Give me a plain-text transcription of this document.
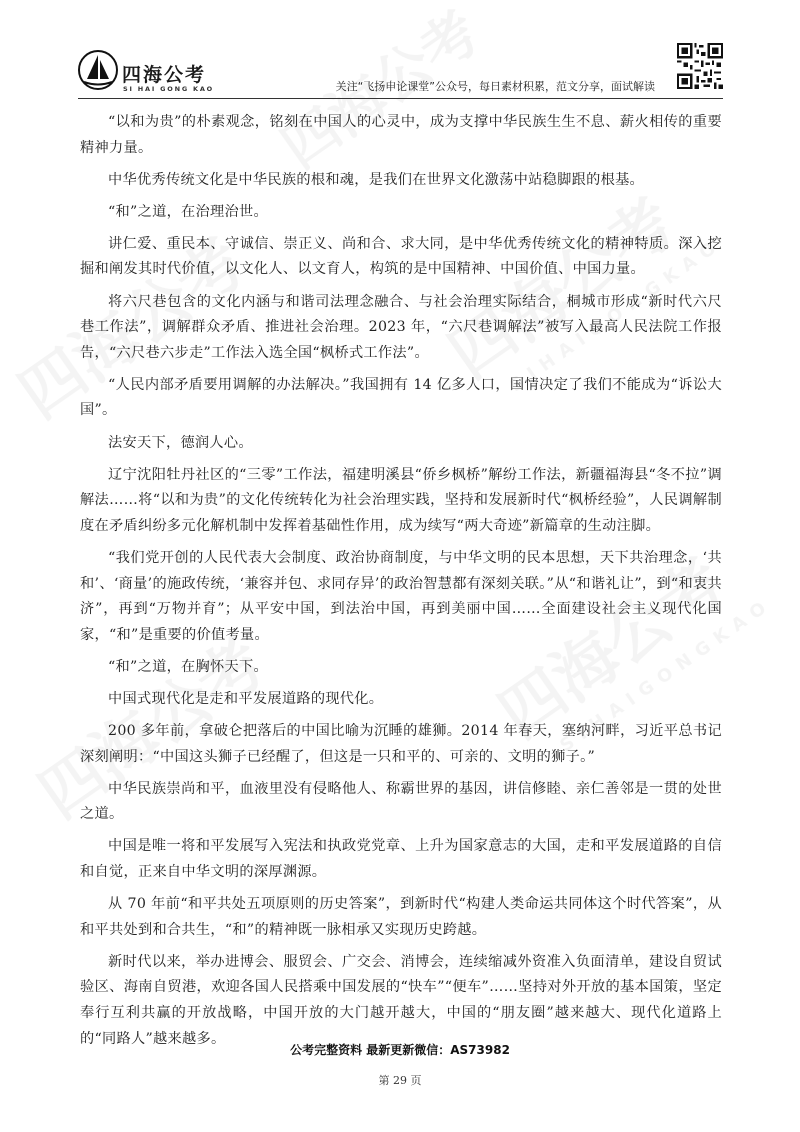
四海公考
SI HAI GONG KAO	关注“飞扬申论课堂”公众号，每日素材积累，范文分享，面试解读

“以和为贵”的朴素观念，铭刻在中国人的心灵中，成为支撑中华民族生生不息、薪火相传的重要精神力量。

中华优秀传统文化是中华民族的根和魂，是我们在世界文化激荡中站稳脚跟的根基。

“和”之道，在治理治世。

讲仁爱、重民本、守诚信、崇正义、尚和合、求大同，是中华优秀传统文化的精神特质。深入挖掘和阐发其时代价值，以文化人、以文育人，构筑的是中国精神、中国价值、中国力量。

将六尺巷包含的文化内涵与和谐司法理念融合、与社会治理实际结合，桐城市形成“新时代六尺巷工作法”，调解群众矛盾、推进社会治理。2023 年，“六尺巷调解法”被写入最高人民法院工作报告，“六尺巷六步走”工作法入选全国“枫桥式工作法”。

“人民内部矛盾要用调解的办法解决。”我国拥有 14 亿多人口，国情决定了我们不能成为“诉讼大国”。

法安天下，德润人心。

辽宁沈阳牡丹社区的“三零”工作法，福建明溪县“侨乡枫桥”解纷工作法，新疆福海县“冬不拉”调解法……将“以和为贵”的文化传统转化为社会治理实践，坚持和发展新时代“枫桥经验”，人民调解制度在矛盾纠纷多元化解机制中发挥着基础性作用，成为续写“两大奇迹”新篇章的生动注脚。

“我们党开创的人民代表大会制度、政治协商制度，与中华文明的民本思想，天下共治理念，‘共和’、‘商量’的施政传统，‘兼容并包、求同存异’的政治智慧都有深刻关联。”从“和谐礼让”，到“和衷共济”，再到“万物并育”；从平安中国，到法治中国，再到美丽中国……全面建设社会主义现代化国家，“和”是重要的价值考量。

“和”之道，在胸怀天下。

中国式现代化是走和平发展道路的现代化。

200 多年前，拿破仑把落后的中国比喻为沉睡的雄狮。2014 年春天，塞纳河畔，习近平总书记深刻阐明：“中国这头狮子已经醒了，但这是一只和平的、可亲的、文明的狮子。”

中华民族崇尚和平，血液里没有侵略他人、称霸世界的基因，讲信修睦、亲仁善邻是一贯的处世之道。

中国是唯一将和平发展写入宪法和执政党党章、上升为国家意志的大国，走和平发展道路的自信和自觉，正来自中华文明的深厚渊源。

从 70 年前“和平共处五项原则的历史答案”，到新时代“构建人类命运共同体这个时代答案”，从和平共处到和合共生，“和”的精神既一脉相承又实现历史跨越。

新时代以来，举办进博会、服贸会、广交会、消博会，连续缩减外资准入负面清单，建设自贸试验区、海南自贸港，欢迎各国人民搭乘中国发展的“快车”“便车”……坚持对外开放的基本国策，坚定奉行互利共赢的开放战略，中国开放的大门越开越大，中国的“朋友圈”越来越大、现代化道路上的“同路人”越来越多。

公考完整资料 最新更新微信：AS73982
第 29 页
